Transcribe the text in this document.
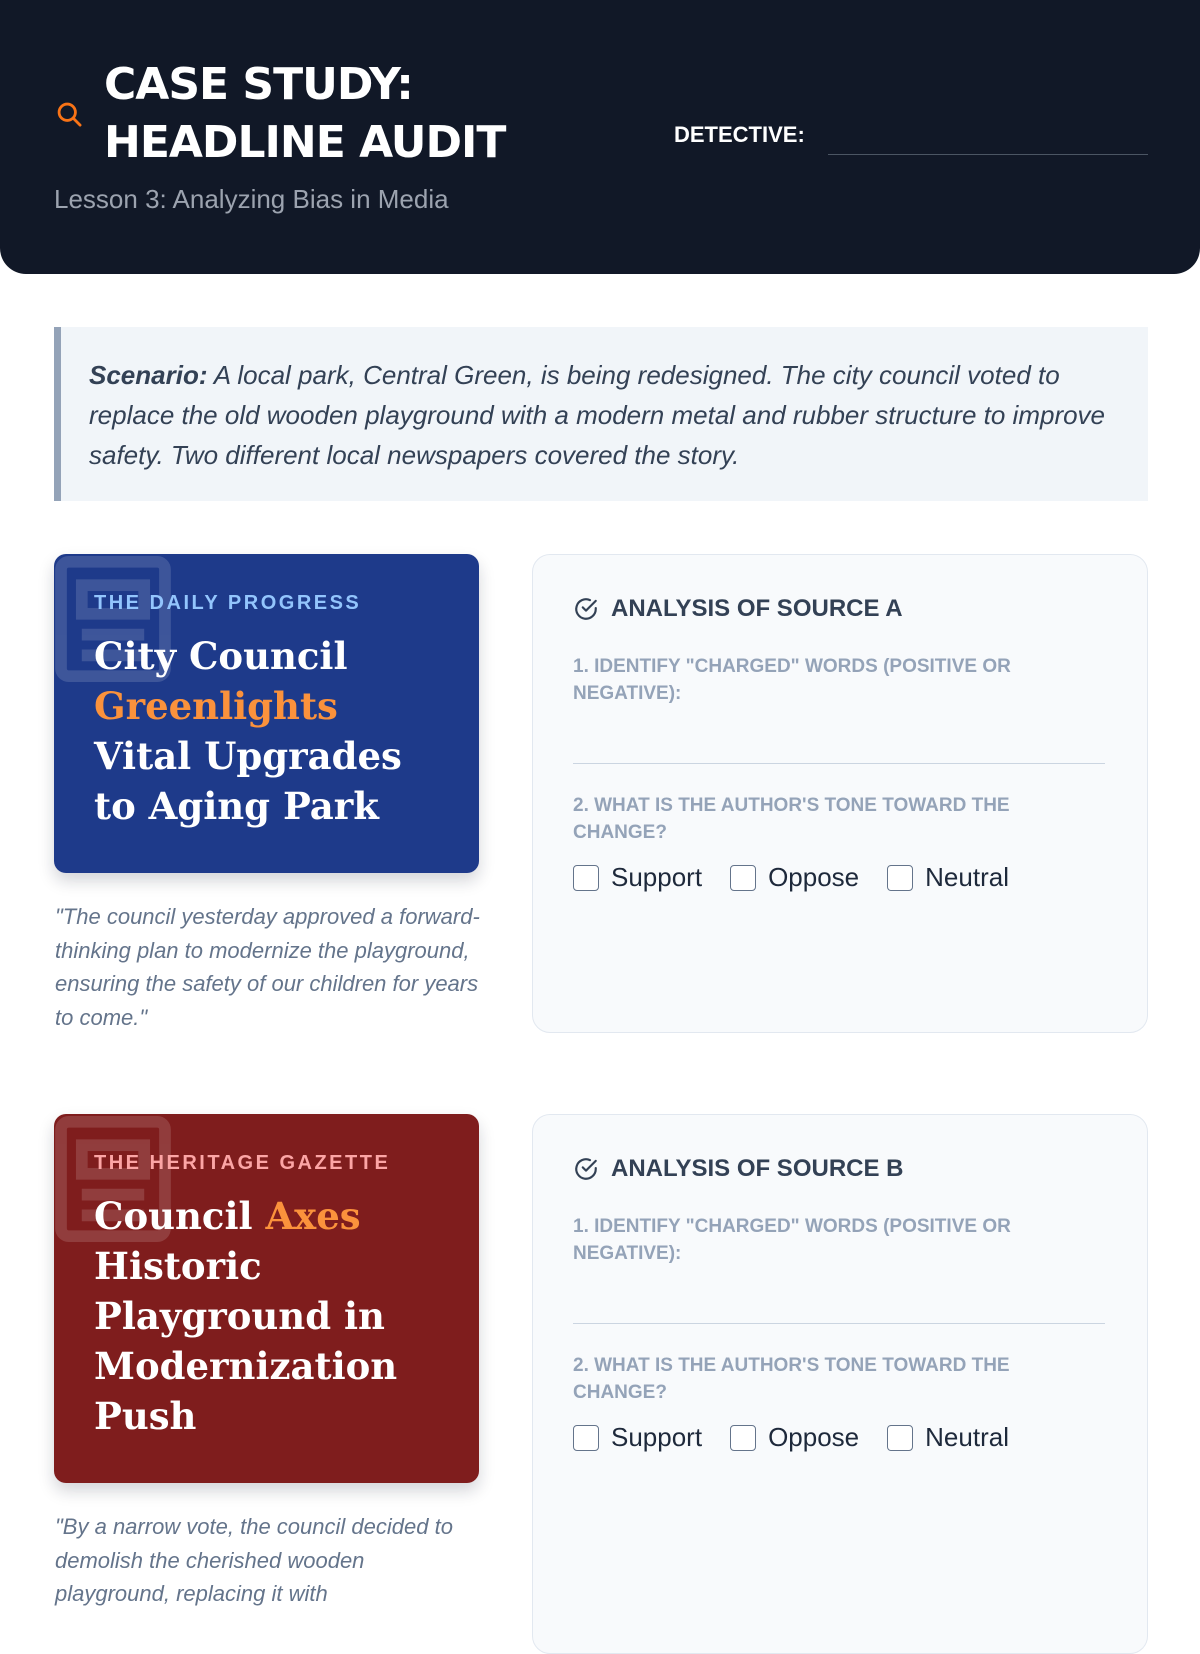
CASE STUDY:
HEADLINE AUDIT
Lesson 3: Analyzing Bias in Media
DETECTIVE:
Scenario: A local park, Central Green, is being redesigned. The city council voted to replace the old wooden playground with a modern metal and rubber structure to improve safety. Two different local newspapers covered the story.
THE DAILY PROGRESS
City Council Greenlights Vital Upgrades to Aging Park
"The council yesterday approved a forward-thinking plan to modernize the playground, ensuring the safety of our children for years to come."
ANALYSIS OF SOURCE A
1. IDENTIFY "CHARGED" WORDS (POSITIVE OR NEGATIVE):
2. WHAT IS THE AUTHOR'S TONE TOWARD THE CHANGE?
Support	Oppose	Neutral
THE HERITAGE GAZETTE
Council Axes Historic Playground in Modernization Push
"By a narrow vote, the council decided to demolish the cherished wooden playground, replacing it with
ANALYSIS OF SOURCE B
1. IDENTIFY "CHARGED" WORDS (POSITIVE OR NEGATIVE):
2. WHAT IS THE AUTHOR'S TONE TOWARD THE CHANGE?
Support	Oppose	Neutral
